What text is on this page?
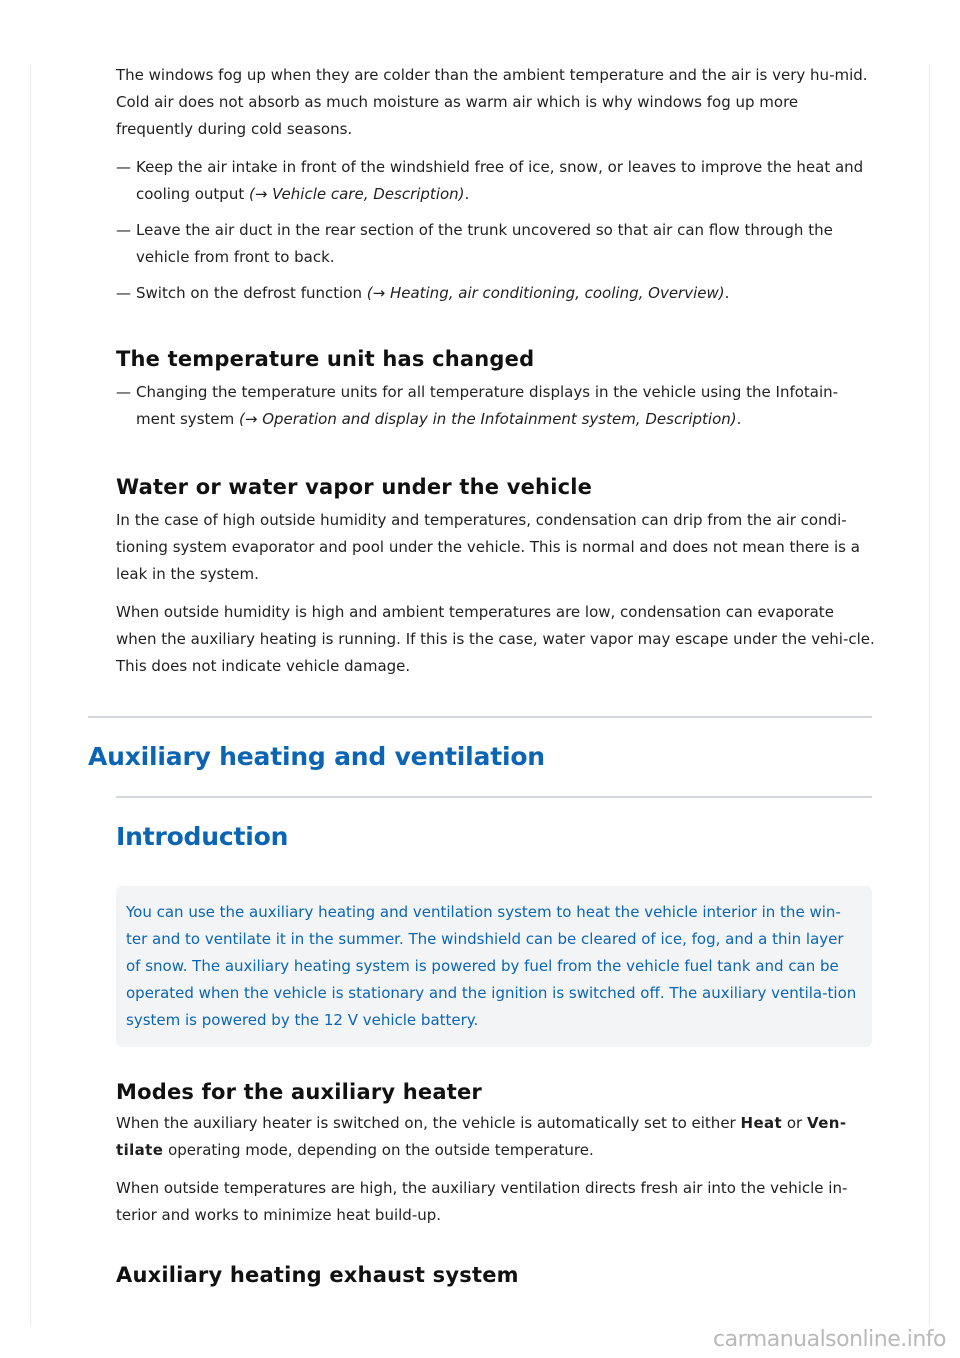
The windows fog up when they are colder than the ambient temperature and the air is very hu-mid. Cold air does not absorb as much moisture as warm air which is why windows fog up more frequently during cold seasons.

— Keep the air intake in front of the windshield free of ice, snow, or leaves to improve the heat and cooling output (→ Vehicle care, Description).
— Leave the air duct in the rear section of the trunk uncovered so that air can flow through the vehicle from front to back.
— Switch on the defrost function (→ Heating, air conditioning, cooling, Overview).
The temperature unit has changed
— Changing the temperature units for all temperature displays in the vehicle using the Infotain-ment system (→ Operation and display in the Infotainment system, Description).
Water or water vapor under the vehicle

In the case of high outside humidity and temperatures, condensation can drip from the air condi-tioning system evaporator and pool under the vehicle. This is normal and does not mean there is a leak in the system.

When outside humidity is high and ambient temperatures are low, condensation can evaporate when the auxiliary heating is running. If this is the case, water vapor may escape under the vehi-cle. This does not indicate vehicle damage.

Auxiliary heating and ventilation
Introduction
You can use the auxiliary heating and ventilation system to heat the vehicle interior in the win-ter and to ventilate it in the summer. The windshield can be cleared of ice, fog, and a thin layer of snow. The auxiliary heating system is powered by fuel from the vehicle fuel tank and can be operated when the vehicle is stationary and the ignition is switched off. The auxiliary ventila-tion system is powered by the 12 V vehicle battery.
Modes for the auxiliary heater

When the auxiliary heater is switched on, the vehicle is automatically set to either Heat or Ven-tilate operating mode, depending on the outside temperature.

When outside temperatures are high, the auxiliary ventilation directs fresh air into the vehicle in-terior and works to minimize heat build-up.

Auxiliary heating exhaust system
carmanualsonline.info
